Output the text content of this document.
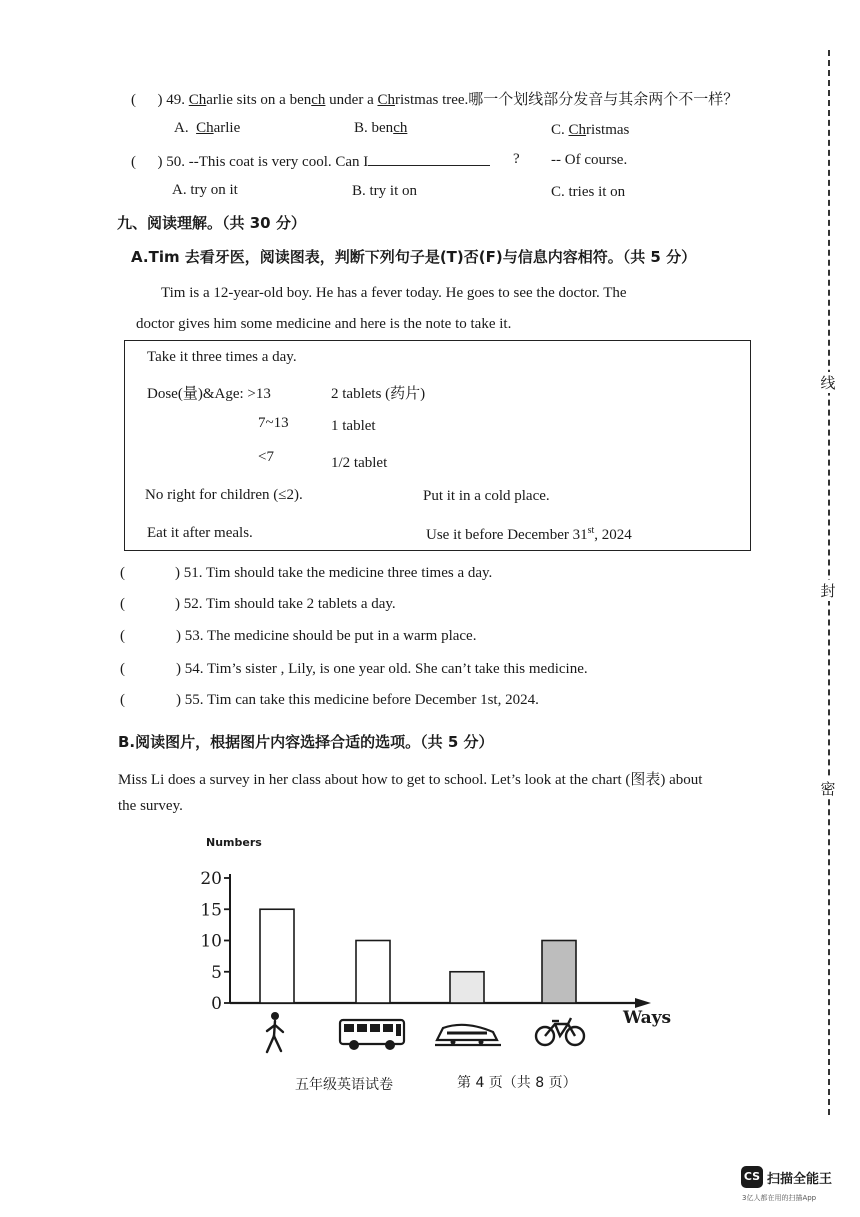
( ) 49. Charlie sits on a bench under a Christmas tree.哪一个划线部分发音与其余两个不一样？
A. Charlie	B. bench	C. Christmas
( ) 50. --This coat is very cool. Can I	? -- Of course.
A. try on it	B. try it on	C. tries it on
九、阅读理解。（共 30 分）
A.Tim 去看牙医，阅读图表，判断下列句子是(T)否(F)与信息内容相符。（共 5 分）
Tim is a 12-year-old boy. He has a fever today. He goes to see the doctor. The
doctor gives him some medicine and here is the note to take it.
Take it three times a day.
Dose(量)&Age: >13	2 tablets (药片)
7~13	1 tablet
<7	1/2 tablet
No right for children (≤2).	Put it in a cold place.
Eat it after meals.	Use it before December 31st, 2024
(	) 51. Tim should take the medicine three times a day.
(	) 52. Tim should take 2 tablets a day.
(	) 53. The medicine should be put in a warm place.
(	) 54. Tim’s sister , Lily, is one year old. She can’t take this medicine.
(	) 55. Tim can take this medicine before December 1st, 2024.
B.阅读图片，根据图片内容选择合适的选项。（共 5 分）
Miss Li does a survey in her class about how to get to school. Let’s look at the chart (图表) about
the survey.
Numbers
Ways
0
5
10
15
20
五年级英语试卷	第 4 页（共 8 页）
线
封
密
CS 扫描全能王
3亿人都在用的扫描App
